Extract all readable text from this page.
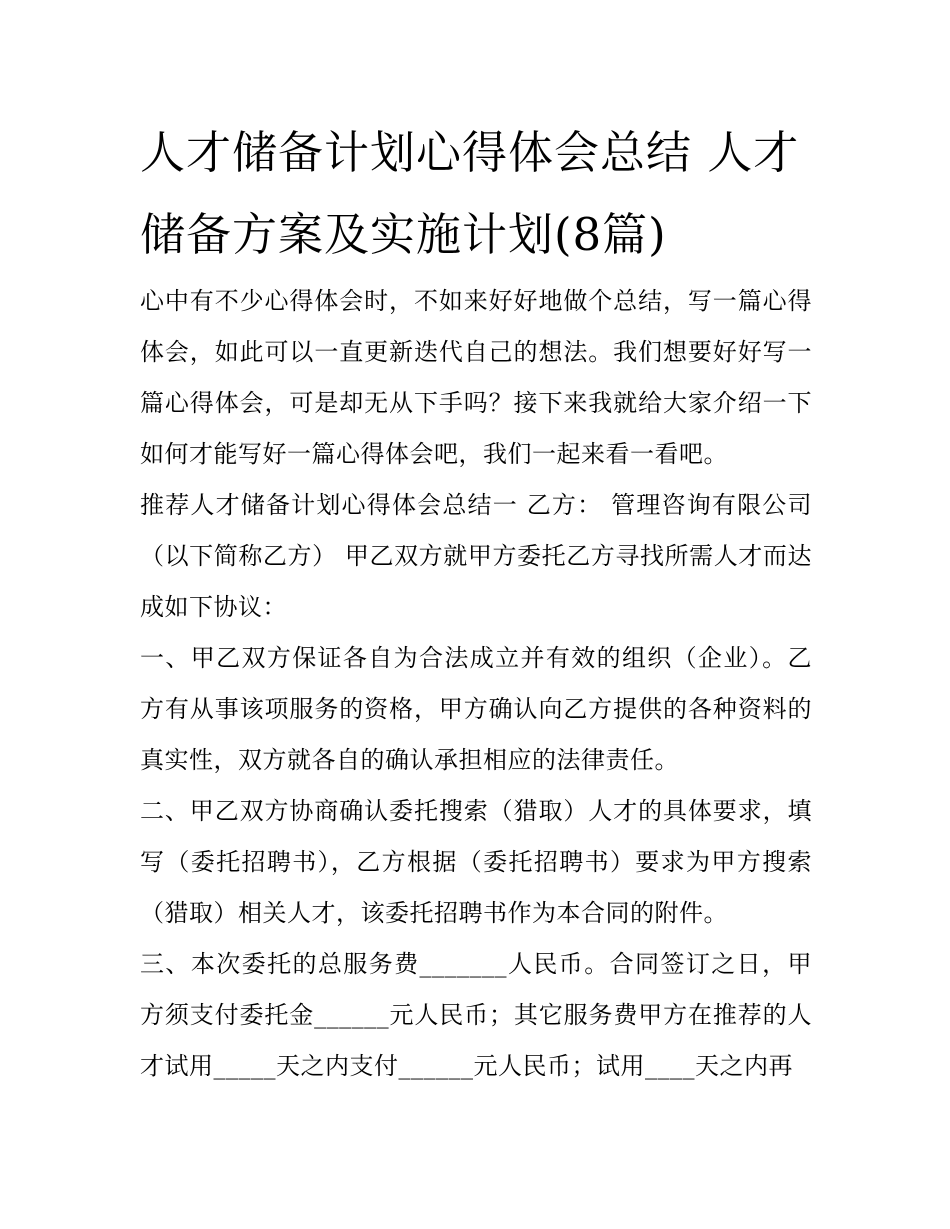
人才储备计划心得体会总结 人才储备方案及实施计划(8篇)

心中有不少心得体会时，不如来好好地做个总结，写一篇心得体会，如此可以一直更新迭代自己的想法。我们想要好好写一篇心得体会，可是却无从下手吗？接下来我就给大家介绍一下如何才能写好一篇心得体会吧，我们一起来看一看吧。

推荐人才储备计划心得体会总结一 乙方： 管理咨询有限公司（以下简称乙方） 甲乙双方就甲方委托乙方寻找所需人才而达成如下协议：

一、甲乙双方保证各自为合法成立并有效的组织（企业）。乙方有从事该项服务的资格，甲方确认向乙方提供的各种资料的真实性，双方就各自的确认承担相应的法律责任。

二、甲乙双方协商确认委托搜索（猎取）人才的具体要求，填写（委托招聘书），乙方根据（委托招聘书）要求为甲方搜索（猎取）相关人才，该委托招聘书作为本合同的附件。

三、本次委托的总服务费_______人民币。合同签订之日，甲方须支付委托金______元人民币；其它服务费甲方在推荐的人才试用_____天之内支付______元人民币；试用____天之内再
